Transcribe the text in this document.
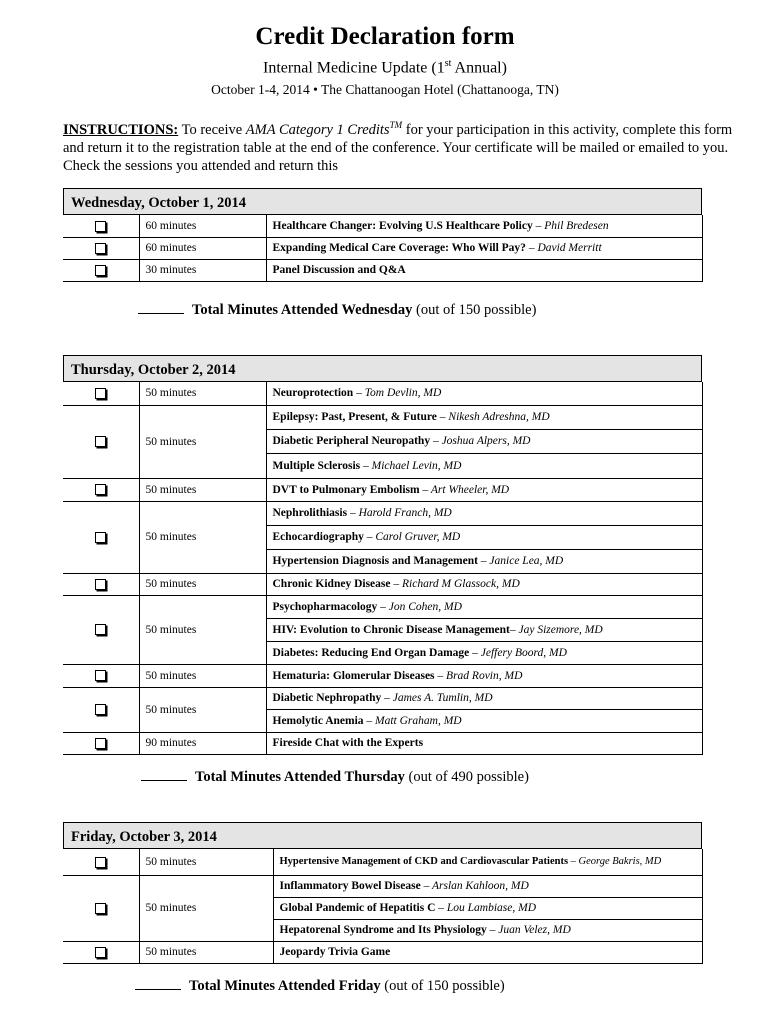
Credit Declaration form
Internal Medicine Update (1st Annual)
October 1-4, 2014 • The Chattanoogan Hotel (Chattanooga, TN)
INSTRUCTIONS: To receive AMA Category 1 Credits™ for your participation in this activity, complete this form and return it to the registration table at the end of the conference. Your certificate will be mailed or emailed to you. Check the sessions you attended and return this
Wednesday, October 1, 2014
	60 minutes	Healthcare Changer: Evolving U.S Healthcare Policy – Phil Bredesen
	60 minutes	Expanding Medical Care Coverage: Who Will Pay? – David Merritt
	30 minutes	Panel Discussion and Q&A
Total Minutes Attended Wednesday (out of 150 possible)
Thursday, October 2, 2014
	50 minutes	Neuroprotection – Tom Devlin, MD
	50 minutes	Epilepsy: Past, Present, & Future – Nikesh Adreshna, MD
		Diabetic Peripheral Neuropathy – Joshua Alpers, MD
		Multiple Sclerosis – Michael Levin, MD
	50 minutes	DVT to Pulmonary Embolism – Art Wheeler, MD
	50 minutes	Nephrolithiasis – Harold Franch, MD
		Echocardiography – Carol Gruver, MD
		Hypertension Diagnosis and Management – Janice Lea, MD
	50 minutes	Chronic Kidney Disease – Richard M Glassock, MD
	50 minutes	Psychopharmacology – Jon Cohen, MD
		HIV: Evolution to Chronic Disease Management– Jay Sizemore, MD
		Diabetes: Reducing End Organ Damage – Jeffery Boord, MD
	50 minutes	Hematuria: Glomerular Diseases – Brad Rovin, MD
	50 minutes	Diabetic Nephropathy – James A. Tumlin, MD
		Hemolytic Anemia – Matt Graham, MD
	90 minutes	Fireside Chat with the Experts
Total Minutes Attended Thursday (out of 490 possible)
Friday, October 3, 2014
	50 minutes	Hypertensive Management of CKD and Cardiovascular Patients – George Bakris, MD
	50 minutes	Inflammatory Bowel Disease – Arslan Kahloon, MD
		Global Pandemic of Hepatitis C – Lou Lambiase, MD
		Hepatorenal Syndrome and Its Physiology – Juan Velez, MD
	50 minutes	Jeopardy Trivia Game
Total Minutes Attended Friday (out of 150 possible)
